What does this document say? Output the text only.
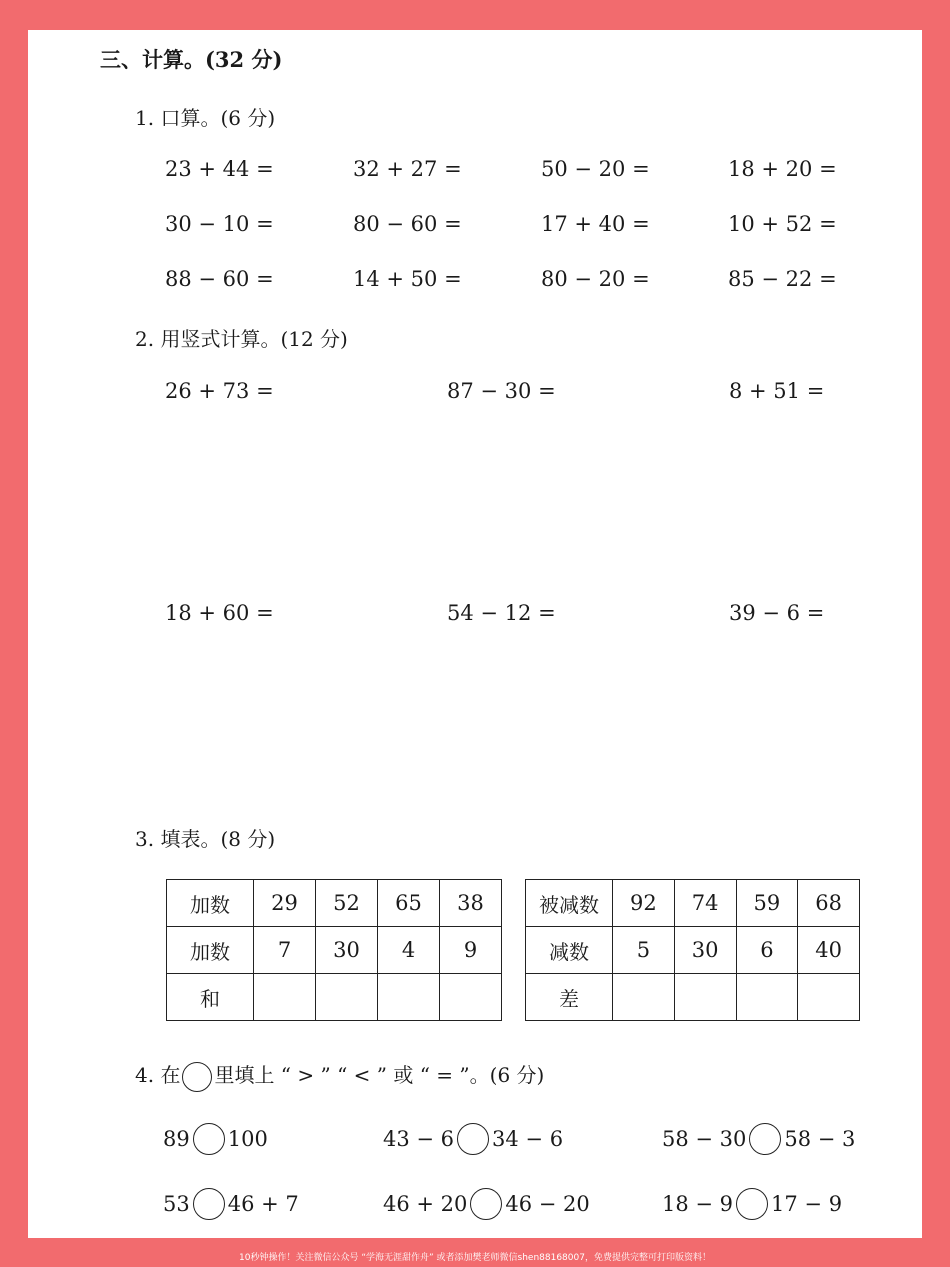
三、计算。(32 分)
1. 口算。(6 分)
23 + 44 =	32 + 27 =	50 − 20 =	18 + 20 =
30 − 10 =	80 − 60 =	17 + 40 =	10 + 52 =
88 − 60 =	14 + 50 =	80 − 20 =	85 − 22 =
2. 用竖式计算。(12 分)
26 + 73 =	87 − 30 =	8 + 51 =
18 + 60 =	54 − 12 =	39 − 6 =
3. 填表。(8 分)
加数	29	52	65	38
加数	7	30	4	9
和				
被减数	92	74	59	68
减数	5	30	6	40
差				
4. 在 里填上 “ > ” “ < ” 或 “ = ”。(6 分)
89 100	43 − 6 34 − 6	58 − 30 58 − 3
53 46 + 7	46 + 20 46 − 20	18 − 9 17 − 9
10秒钟操作！关注微信公众号 “学海无涯甜作舟” 或者添加樊老师微信shen88168007，免费提供完整可打印版资料！
